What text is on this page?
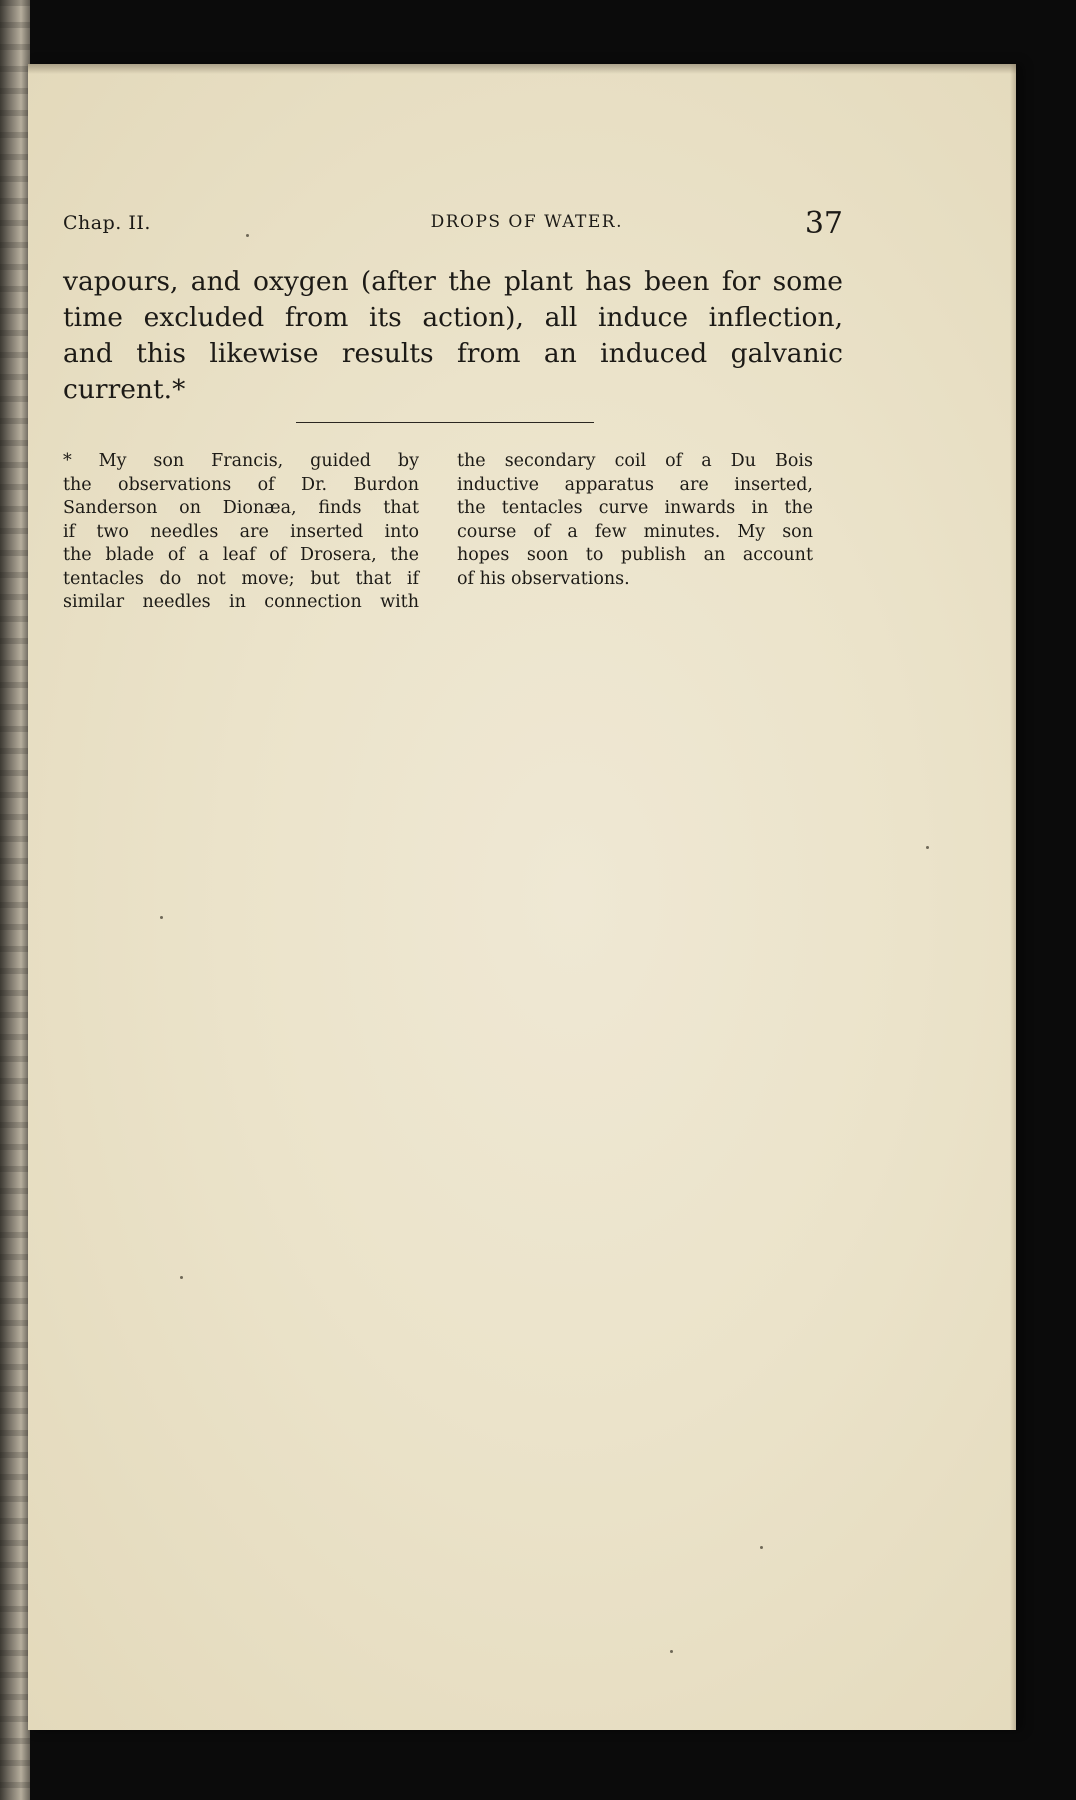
Chap. II.	DROPS OF WATER.	37

vapours, and oxygen (after the plant has been for some
time excluded from its action), all induce inflection,
and this likewise results from an induced galvanic
current.*

* My son Francis, guided by
the observations of Dr. Burdon
Sanderson on Dionæa, finds that
if two needles are inserted into
the blade of a leaf of Drosera, the
tentacles do not move; but that if
similar needles in connection with
the secondary coil of a Du Bois
inductive apparatus are inserted,
the tentacles curve inwards in the
course of a few minutes. My son
hopes soon to publish an account
of his observations.
